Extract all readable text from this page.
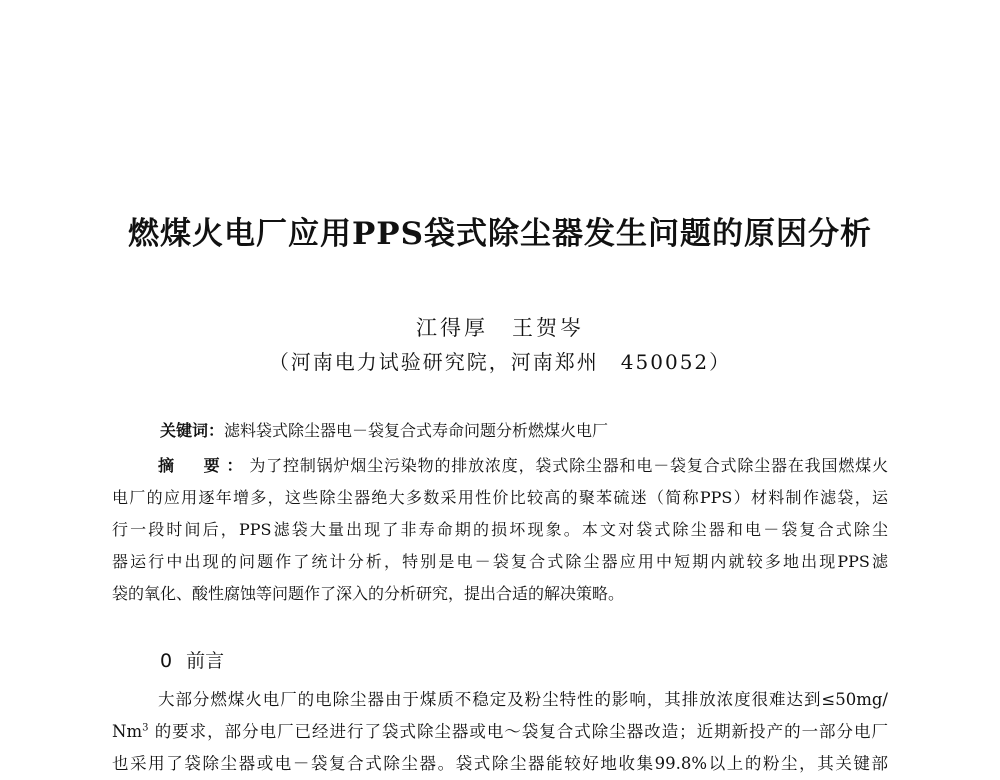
燃煤火电厂应用PPS袋式除尘器发生问题的原因分析
江得厚　王贺岑
（河南电力试验研究院，河南郑州　450052）
关键词：滤料袋式除尘器电－袋复合式寿命问题分析燃煤火电厂
摘　要：为了控制锅炉烟尘污染物的排放浓度，袋式除尘器和电－袋复合式除尘器在我国燃煤火
电厂的应用逐年增多，这些除尘器绝大多数采用性价比较高的聚苯硫迷（简称PPS）材料制作滤袋，运
行一段时间后，PPS滤袋大量出现了非寿命期的损坏现象。本文对袋式除尘器和电－袋复合式除尘
器运行中出现的问题作了统计分析，特别是电－袋复合式除尘器应用中短期内就较多地出现PPS滤
袋的氧化、酸性腐蚀等问题作了深入的分析研究，提出合适的解决策略。
0 前言
大部分燃煤火电厂的电除尘器由于煤质不稳定及粉尘特性的影响，其排放浓度很难达到≤50mg/
Nm$^3$ 的要求，部分电厂已经进行了袋式除尘器或电～袋复合式除尘器改造；近期新投产的一部分电厂
也采用了袋除尘器或电－袋复合式除尘器。袋式除尘器能较好地收集99.8%以上的粉尘，其关键部
